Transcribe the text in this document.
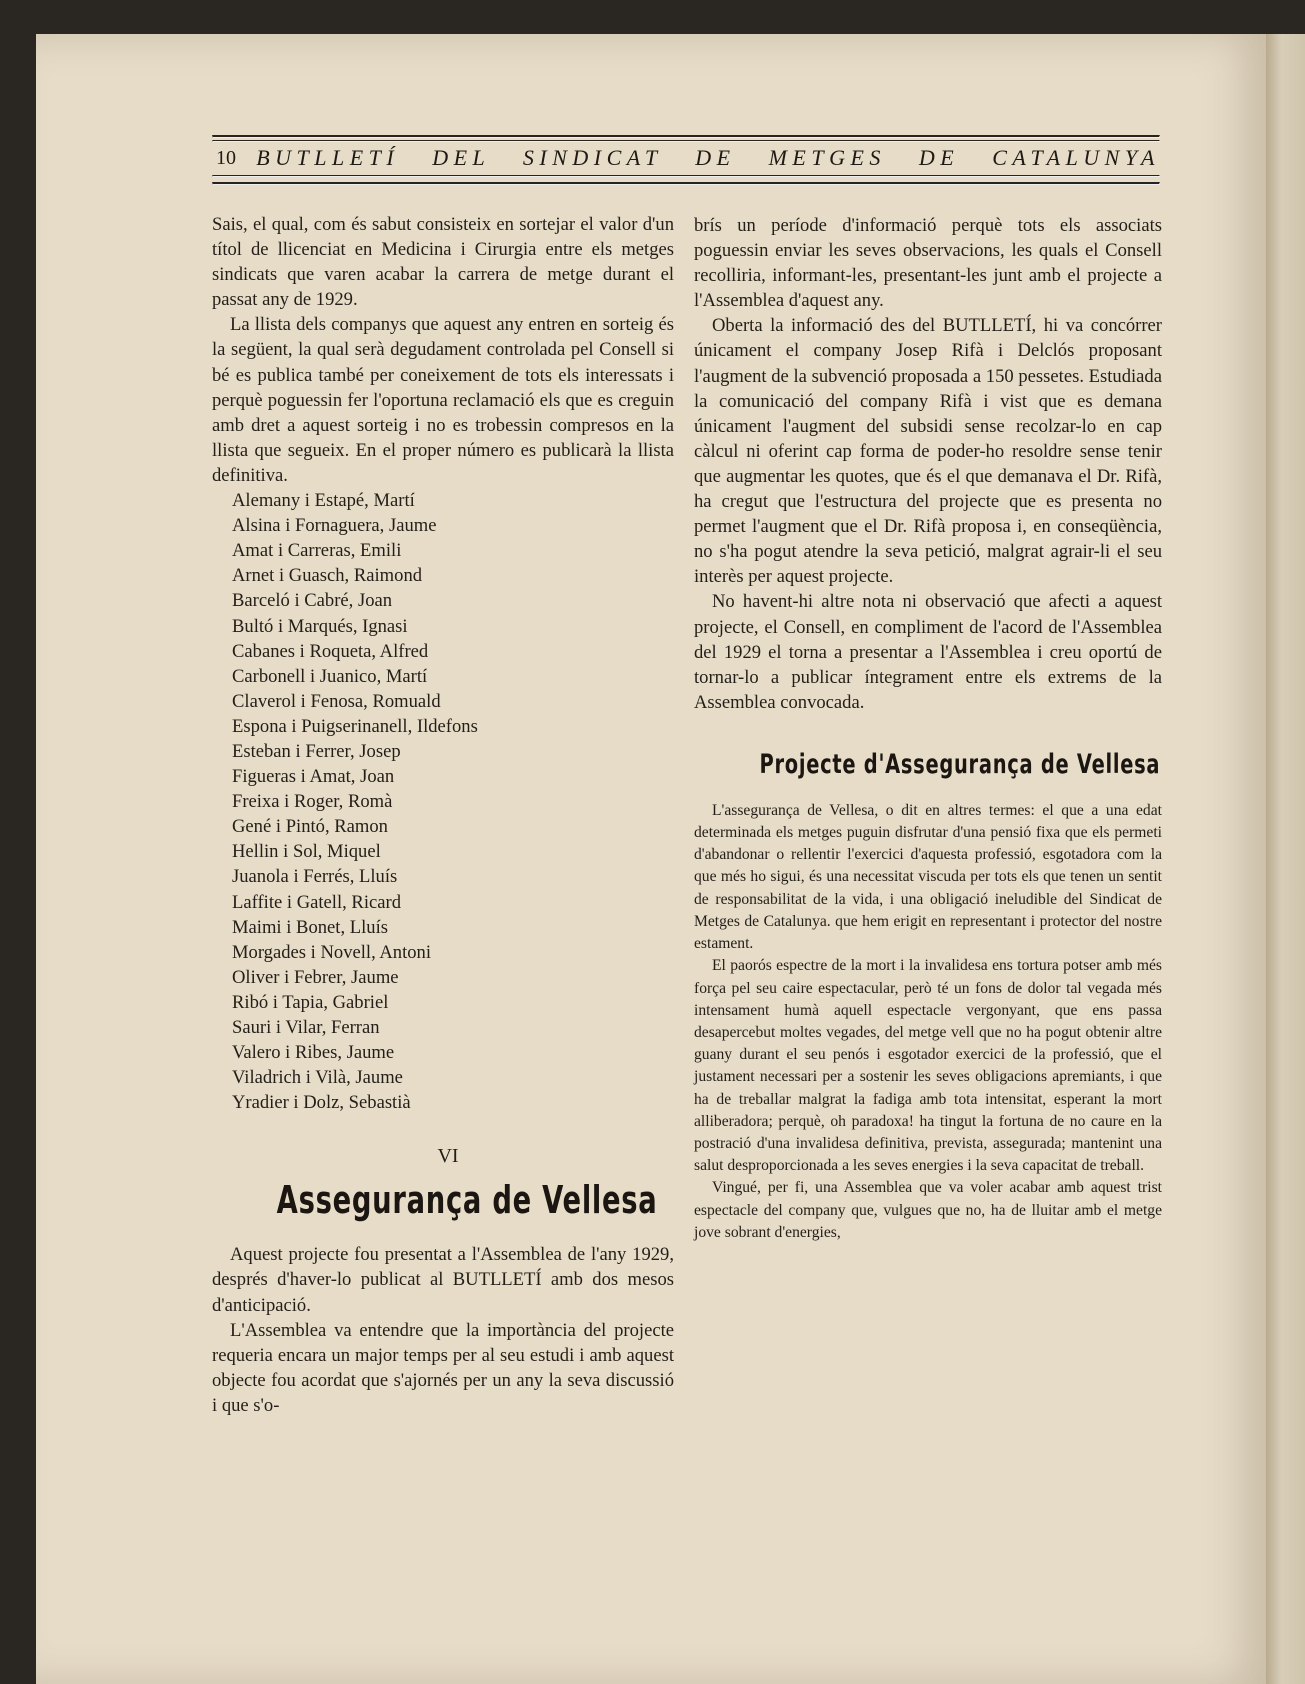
10 BUTLLETÍ DEL SINDICAT DE METGES DE CATALUNYA

Sais, el qual, com és sabut consisteix en sortejar el valor d'un títol de llicenciat en Medicina i Cirurgia entre els metges sindicats que varen acabar la carrera de metge durant el passat any de 1929.

La llista dels companys que aquest any entren en sorteig és la següent, la qual serà degudament controlada pel Consell si bé es publica també per coneixement de tots els interessats i perquè poguessin fer l'oportuna reclamació els que es creguin amb dret a aquest sorteig i no es trobessin compresos en la llista que segueix. En el proper número es publicarà la llista definitiva.

Alemany i Estapé, Martí
Alsina i Fornaguera, Jaume
Amat i Carreras, Emili
Arnet i Guasch, Raimond
Barceló i Cabré, Joan
Bultó i Marqués, Ignasi
Cabanes i Roqueta, Alfred
Carbonell i Juanico, Martí
Claverol i Fenosa, Romuald
Espona i Puigserinanell, Ildefons
Esteban i Ferrer, Josep
Figueras i Amat, Joan
Freixa i Roger, Romà
Gené i Pintó, Ramon
Hellin i Sol, Miquel
Juanola i Ferrés, Lluís
Laffite i Gatell, Ricard
Maimi i Bonet, Lluís
Morgades i Novell, Antoni
Oliver i Febrer, Jaume
Ribó i Tapia, Gabriel
Sauri i Vilar, Ferran
Valero i Ribes, Jaume
Viladrich i Vilà, Jaume
Yradier i Dolz, Sebastià
VI
Assegurança de Vellesa

Aquest projecte fou presentat a l'Assemblea de l'any 1929, després d'haver-lo publicat al BUTLLETÍ amb dos mesos d'anticipació.

L'Assemblea va entendre que la importància del projecte requeria encara un major temps per al seu estudi i amb aquest objecte fou acordat que s'ajornés per un any la seva discussió i que s'o-

brís un període d'informació perquè tots els associats poguessin enviar les seves observacions, les quals el Consell recolliria, informant-les, presentant-les junt amb el projecte a l'Assemblea d'aquest any.

Oberta la informació des del BUTLLETÍ, hi va concórrer únicament el company Josep Rifà i Delclós proposant l'augment de la subvenció proposada a 150 pessetes. Estudiada la comunicació del company Rifà i vist que es demana únicament l'augment del subsidi sense recolzar-lo en cap càlcul ni oferint cap forma de poder-ho resoldre sense tenir que augmentar les quotes, que és el que demanava el Dr. Rifà, ha cregut que l'estructura del projecte que es presenta no permet l'augment que el Dr. Rifà proposa i, en conseqüència, no s'ha pogut atendre la seva petició, malgrat agrair-li el seu interès per aquest projecte.

No havent-hi altre nota ni observació que afecti a aquest projecte, el Consell, en compliment de l'acord de l'Assemblea del 1929 el torna a presentar a l'Assemblea i creu oportú de tornar-lo a publicar íntegrament entre els extrems de la Assemblea convocada.

Projecte d'Assegurança de Vellesa

L'assegurança de Vellesa, o dit en altres termes: el que a una edat determinada els metges puguin disfrutar d'una pensió fixa que els permeti d'abandonar o rellentir l'exercici d'aquesta professió, esgotadora com la que més ho sigui, és una necessitat viscuda per tots els que tenen un sentit de responsabilitat de la vida, i una obligació ineludible del Sindicat de Metges de Catalunya. que hem erigit en representant i protector del nostre estament.

El paorós espectre de la mort i la invalidesa ens tortura potser amb més força pel seu caire espectacular, però té un fons de dolor tal vegada més intensament humà aquell espectacle vergonyant, que ens passa desapercebut moltes vegades, del metge vell que no ha pogut obtenir altre guany durant el seu penós i esgotador exercici de la professió, que el justament necessari per a sostenir les seves obligacions apremiants, i que ha de treballar malgrat la fadiga amb tota intensitat, esperant la mort alliberadora; perquè, oh paradoxa! ha tingut la fortuna de no caure en la postració d'una invalidesa definitiva, prevista, assegurada; mantenint una salut desproporcionada a les seves energies i la seva capacitat de treball.

Vingué, per fi, una Assemblea que va voler acabar amb aquest trist espectacle del company que, vulgues que no, ha de lluitar amb el metge jove sobrant d'energies,
